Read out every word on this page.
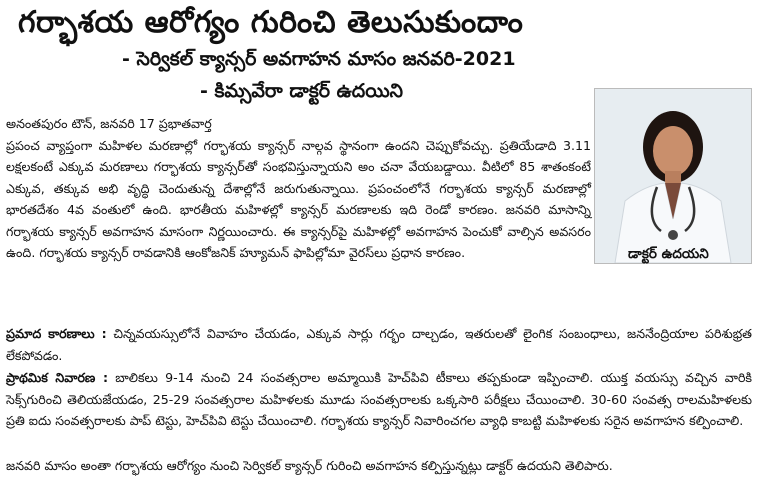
గర్భాశయ ఆరోగ్యం గురించి తెలుసుకుందాం
- సెర్వికల్ క్యాన్సర్ అవగాహన మాసం జనవరి-2021
- కిమ్సవేరా డాక్టర్ ఉదయిని
అనంతపురం టౌన్, జనవరి 17 ప్రభాతవార్త

ప్రపంచ వ్యాప్తంగా మహిళల మరణాల్లో గర్భాశయ క్యాన్సర్ నాల్గవ స్థానంగా ఉందని చెప్పుకోవచ్చు. ప్రతియేడాది 3.11 లక్షలకంటే ఎక్కువ మరణాలు గర్భాశయ క్యాన్సర్‌తో సంభవిస్తున్నాయని అం చనా వేయబడ్డాయి. వీటిలో 85 శాతంకంటే ఎక్కువ, తక్కువ అభి వృద్ధి చెందుతున్న దేశాల్లోనే జరుగుతున్నాయి. ప్రపంచంలోనే గర్భాశయ క్యాన్సర్ మరణాల్లో భారతదేశం 4వ వంతులో ఉంది. భారతీయ మహిళల్లో క్యాన్సర్ మరణాలకు ఇది రెండో కారణం. జనవరి మాసాన్ని గర్భాశయ క్యాన్సర్ అవగాహన మాసంగా నిర్ణయించారు. ఈ క్యాన్సర్‌పై మహిళల్లో అవగాహన పెంచుకో వాల్సిన అవసరం ఉంది. గర్భాశయ క్యాన్సర్ రావడానికి ఆంకోజనిక్ హ్యూమన్ ఫాపిల్లోమా వైరస్‌లు ప్రధాన కారణం.	డాక్టర్ ఉదయని
ప్రమాద కారణాలు : చిన్నవయస్సులోనే వివాహం చేయడం, ఎక్కువ సార్లు గర్భం దాల్చడం, ఇతరులతో లైంగిక సంబంధాలు, జననేంద్రియాల పరిశుభ్రత లేకపోవడం.
ప్రాథమిక నివారణ : బాలికలు 9-14 నుంచి 24 సంవత్సరాల అమ్మాయికి హెచ్‌పివి టీకాలు తప్పకుండా ఇప్పించాలి. యుక్త వయస్సు వచ్చిన వారికి సెక్స్‌గురించి తెలియజేయడం, 25-29 సంవత్సరాల మహిళలకు మూడు సంవత్సరాలకు ఒక్కసారి పరీక్షలు చేయించాలి. 30-60 సంవత్స రాలమహిళలకు ప్రతి ఐదు సంవత్సరాలకు పాప్ టెస్టు, హెచ్‌పివి టెస్టు చేయించాలి. గర్భాశయ క్యాన్సర్ నివారించగల వ్యాధి కాబట్టి మహిళలకు సరైన అవగాహన కల్పించాలి.
జనవరి మాసం అంతా గర్భాశయ ఆరోగ్యం నుంచి సెర్వికల్ క్యాన్సర్ గురించి అవగాహన కల్పిస్తున్నట్లు డాక్టర్ ఉదయని తెలిపారు.
